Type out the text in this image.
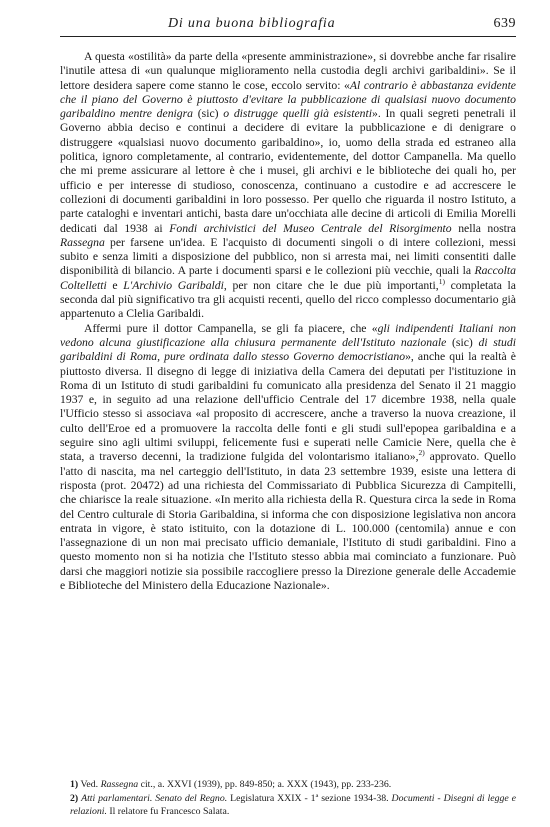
Di una buona bibliografia	639

A questa «ostilità» da parte della «presente amministrazione», si dovrebbe anche far risalire l'inutile attesa di «un qualunque miglioramento nella custodia degli archivi garibaldini». Se il lettore desidera sapere come stanno le cose, eccolo servito: «Al contrario è abbastanza evidente che il piano del Governo è piuttosto d'evitare la pubblicazione di qualsiasi nuovo documento garibaldino mentre denigra (sic) o distrugge quelli già esistenti». In quali segreti penetrali il Governo abbia deciso e continui a decidere di evitare la pubblicazione e di denigrare o distruggere «qualsiasi nuovo documento garibaldino», io, uomo della strada ed estraneo alla politica, ignoro completamente, al contrario, evidentemente, del dottor Campanella. Ma quello che mi preme assicurare al lettore è che i musei, gli archivi e le biblioteche dei quali ho, per ufficio e per interesse di studioso, conoscenza, continuano a custodire e ad accrescere le collezioni di documenti garibaldini in loro possesso. Per quello che riguarda il nostro Istituto, a parte cataloghi e inventari antichi, basta dare un'occhiata alle decine di articoli di Emilia Morelli dedicati dal 1938 ai Fondi archivistici del Museo Centrale del Risorgimento nella nostra Rassegna per farsene un'idea. E l'acquisto di documenti singoli o di intere collezioni, messi subito e senza limiti a disposizione del pubblico, non si arresta mai, nei limiti consentiti dalle disponibilità di bilancio. A parte i documenti sparsi e le collezioni più vecchie, quali la Raccolta Coltelletti e L'Archivio Garibaldi, per non citare che le due più importanti,$^{1)}$ completata la seconda dal più significativo tra gli acquisti recenti, quello del ricco complesso documentario già appartenuto a Clelia Garibaldi.

Affermi pure il dottor Campanella, se gli fa piacere, che «gli indipendenti Italiani non vedono alcuna giustificazione alla chiusura permanente dell'Istituto nazionale (sic) di studi garibaldini di Roma, pure ordinata dallo stesso Governo democristiano», anche qui la realtà è piuttosto diversa. Il disegno di legge di iniziativa della Camera dei deputati per l'istituzione in Roma di un Istituto di studi garibaldini fu comunicato alla presidenza del Senato il 21 maggio 1937 e, in seguito ad una relazione dell'ufficio Centrale del 17 dicembre 1938, nella quale l'Ufficio stesso si associava «al proposito di accrescere, anche a traverso la nuova creazione, il culto dell'Eroe ed a promuovere la raccolta delle fonti e gli studi sull'epopea garibaldina e a seguire sino agli ultimi sviluppi, felicemente fusi e superati nelle Camicie Nere, quella che è stata, a traverso decenni, la tradizione fulgida del volontarismo italiano»,$^{2)}$ approvato. Quello l'atto di nascita, ma nel carteggio dell'Istituto, in data 23 settembre 1939, esiste una lettera di risposta (prot. 20472) ad una richiesta del Commissariato di Pubblica Sicurezza di Campitelli, che chiarisce la reale situazione. «In merito alla richiesta della R. Questura circa la sede in Roma del Centro culturale di Storia Garibaldina, si informa che con disposizione legislativa non ancora entrata in vigore, è stato istituito, con la dotazione di L. 100.000 (centomila) annue e con l'assegnazione di un non mai precisato ufficio demaniale, l'Istituto di studi garibaldini. Fino a questo momento non si ha notizia che l'Istituto stesso abbia mai cominciato a funzionare. Può darsi che maggiori notizie sia possibile raccogliere presso la Direzione generale delle Accademie e Biblioteche del Ministero della Educazione Nazionale».

1) Ved. Rassegna cit., a. XXVI (1939), pp. 849-850; a. XXX (1943), pp. 233-236.

2) Atti parlamentari. Senato del Regno. Legislatura XXIX - 1ª sezione 1934-38. Documenti - Disegni di legge e relazioni. Il relatore fu Francesco Salata.
